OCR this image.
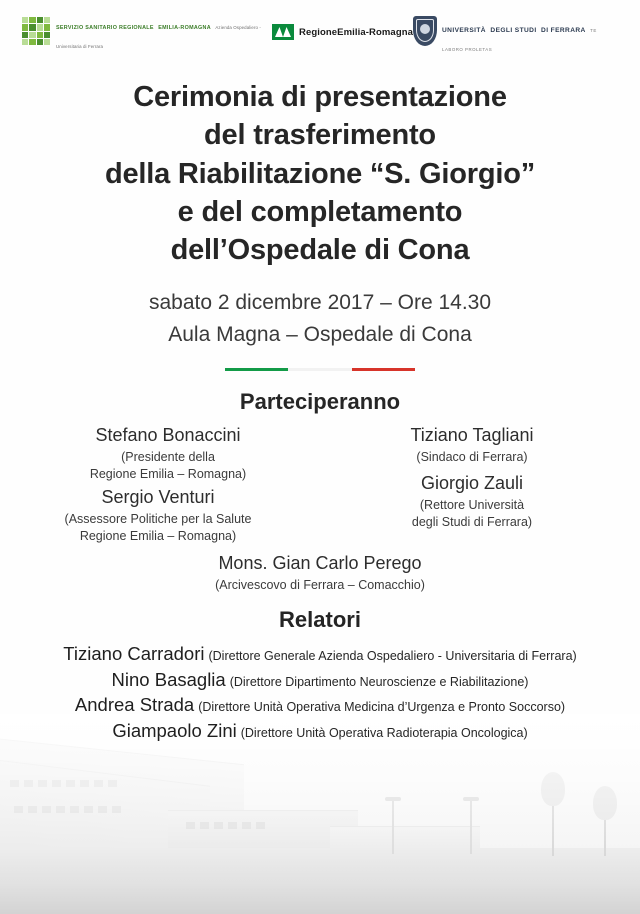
SERVIZIO SANITARIO REGIONALE EMILIA-ROMAGNA Azienda Ospedaliero - Universitaria di Ferrara
RegioneEmilia-Romagna	UNIVERSITÀ DEGLI STUDI DI FERRARA TE LABORO PROLETAS
Cerimonia di presentazione
del trasferimento
della Riabilitazione “S. Giorgio”
e del completamento
dell’Ospedale di Cona
sabato 2 dicembre 2017 – Ore 14.30
Aula Magna – Ospedale di Cona
Parteciperanno
Stefano Bonaccini
(Presidente della
Regione Emilia – Romagna)
Tiziano Tagliani
(Sindaco di Ferrara)
Sergio Venturi
(Assessore Politiche per la Salute
Regione Emilia – Romagna)
Giorgio Zauli
(Rettore Università
degli Studi di Ferrara)
Mons. Gian Carlo Perego
(Arcivescovo di Ferrara – Comacchio)
Relatori
Tiziano Carradori (Direttore Generale Azienda Ospedaliero - Universitaria di Ferrara)
Nino Basaglia (Direttore Dipartimento Neuroscienze e Riabilitazione)
Andrea Strada (Direttore Unità Operativa Medicina d’Urgenza e Pronto Soccorso)
Giampaolo Zini (Direttore Unità Operativa Radioterapia Oncologica)
